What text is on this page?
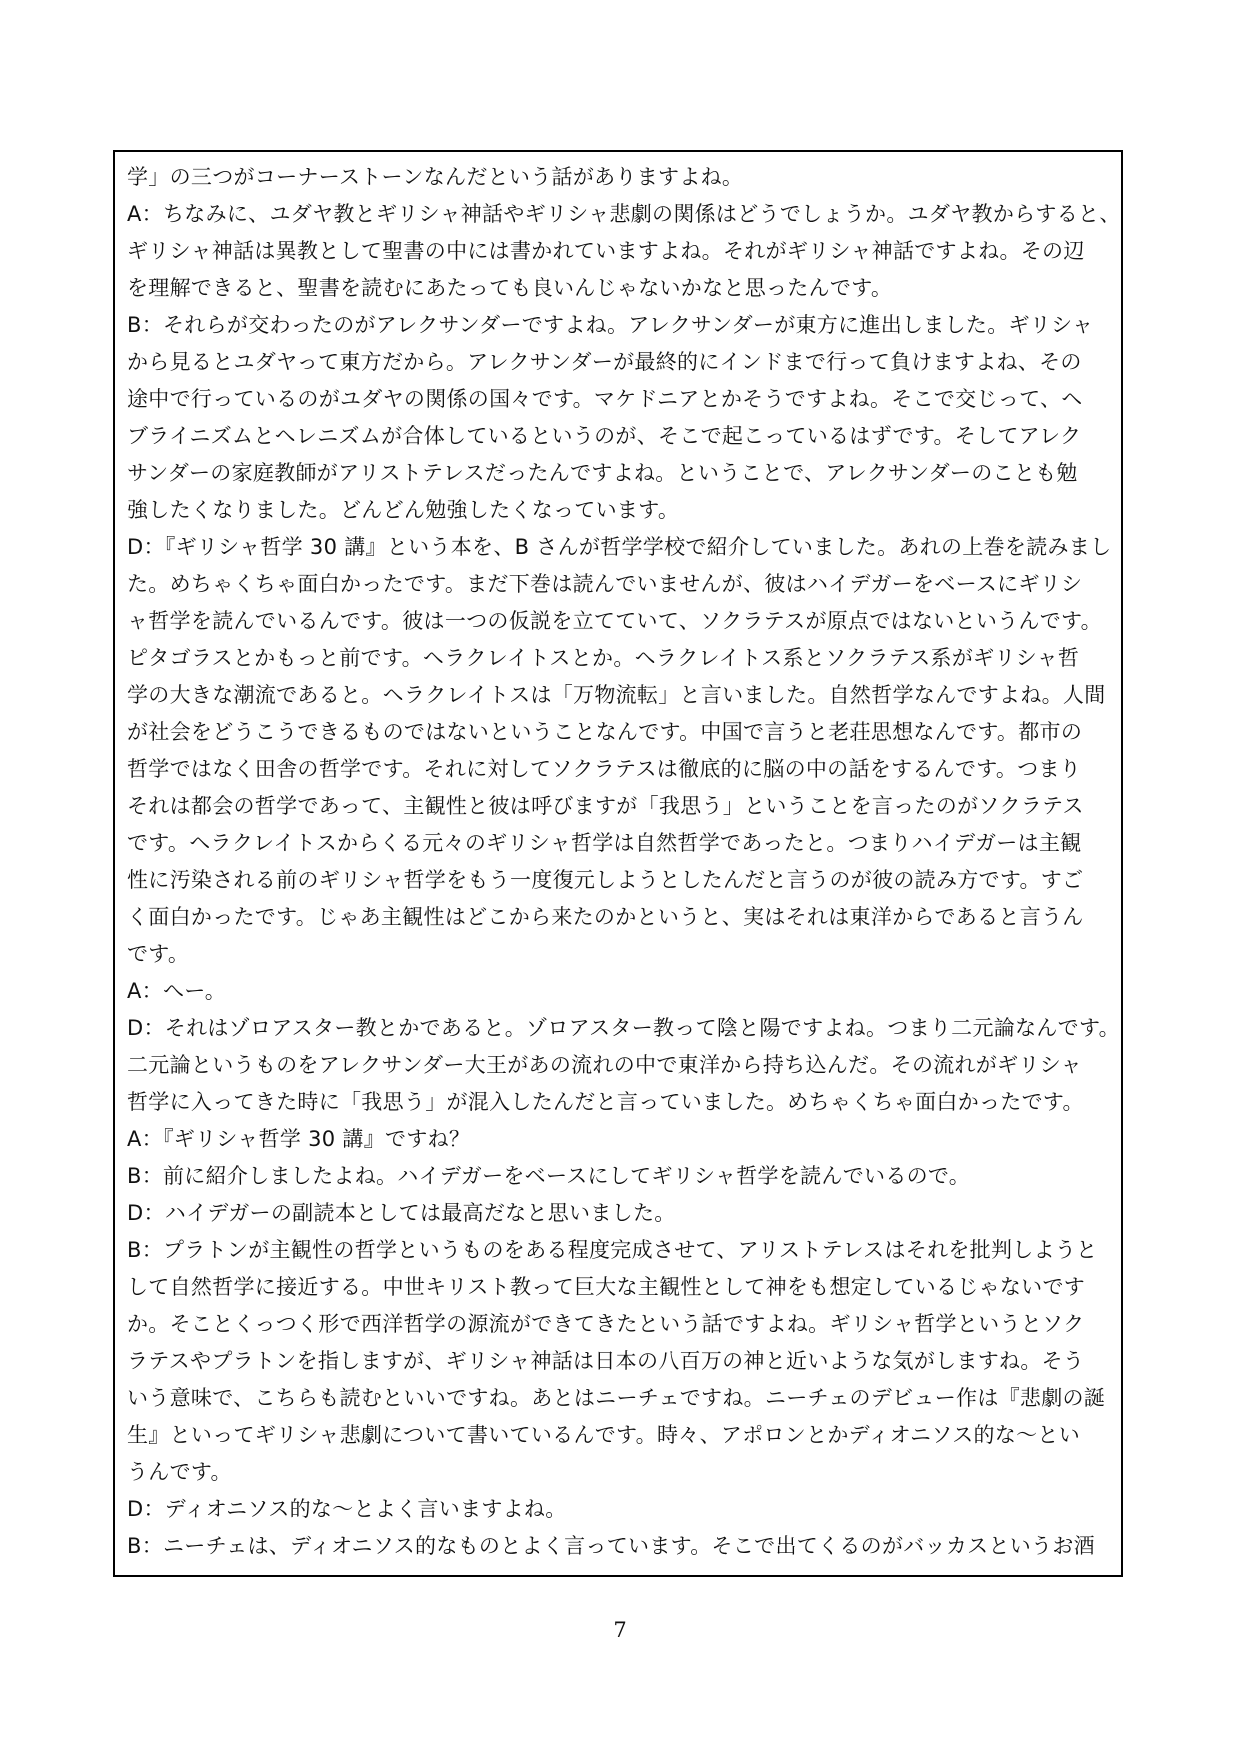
学」の三つがコーナーストーンなんだという話がありますよね。
A：ちなみに、ユダヤ教とギリシャ神話やギリシャ悲劇の関係はどうでしょうか。ユダヤ教からすると、
ギリシャ神話は異教として聖書の中には書かれていますよね。それがギリシャ神話ですよね。その辺
を理解できると、聖書を読むにあたっても良いんじゃないかなと思ったんです。
B：それらが交わったのがアレクサンダーですよね。アレクサンダーが東方に進出しました。ギリシャ
から見るとユダヤって東方だから。アレクサンダーが最終的にインドまで行って負けますよね、その
途中で行っているのがユダヤの関係の国々です。マケドニアとかそうですよね。そこで交じって、ヘ
ブライニズムとヘレニズムが合体しているというのが、そこで起こっているはずです。そしてアレク
サンダーの家庭教師がアリストテレスだったんですよね。ということで、アレクサンダーのことも勉
強したくなりました。どんどん勉強したくなっています。
D：『ギリシャ哲学 30 講』という本を、B さんが哲学学校で紹介していました。あれの上巻を読みまし
た。めちゃくちゃ面白かったです。まだ下巻は読んでいませんが、彼はハイデガーをベースにギリシ
ャ哲学を読んでいるんです。彼は一つの仮説を立てていて、ソクラテスが原点ではないというんです。
ピタゴラスとかもっと前です。ヘラクレイトスとか。ヘラクレイトス系とソクラテス系がギリシャ哲
学の大きな潮流であると。ヘラクレイトスは「万物流転」と言いました。自然哲学なんですよね。人間
が社会をどうこうできるものではないということなんです。中国で言うと老荘思想なんです。都市の
哲学ではなく田舎の哲学です。それに対してソクラテスは徹底的に脳の中の話をするんです。つまり
それは都会の哲学であって、主観性と彼は呼びますが「我思う」ということを言ったのがソクラテス
です。ヘラクレイトスからくる元々のギリシャ哲学は自然哲学であったと。つまりハイデガーは主観
性に汚染される前のギリシャ哲学をもう一度復元しようとしたんだと言うのが彼の読み方です。すご
く面白かったです。じゃあ主観性はどこから来たのかというと、実はそれは東洋からであると言うん
です。
A：へー。
D：それはゾロアスター教とかであると。ゾロアスター教って陰と陽ですよね。つまり二元論なんです。
二元論というものをアレクサンダー大王があの流れの中で東洋から持ち込んだ。その流れがギリシャ
哲学に入ってきた時に「我思う」が混入したんだと言っていました。めちゃくちゃ面白かったです。
A：『ギリシャ哲学 30 講』ですね？
B：前に紹介しましたよね。ハイデガーをベースにしてギリシャ哲学を読んでいるので。
D：ハイデガーの副読本としては最高だなと思いました。
B：プラトンが主観性の哲学というものをある程度完成させて、アリストテレスはそれを批判しようと
して自然哲学に接近する。中世キリスト教って巨大な主観性として神をも想定しているじゃないです
か。そことくっつく形で西洋哲学の源流ができてきたという話ですよね。ギリシャ哲学というとソク
ラテスやプラトンを指しますが、ギリシャ神話は日本の八百万の神と近いような気がしますね。そう
いう意味で、こちらも読むといいですね。あとはニーチェですね。ニーチェのデビュー作は『悲劇の誕
生』といってギリシャ悲劇について書いているんです。時々、アポロンとかディオニソス的な～とい
うんです。
D：ディオニソス的な～とよく言いますよね。
B：ニーチェは、ディオニソス的なものとよく言っています。そこで出てくるのがバッカスというお酒
7
